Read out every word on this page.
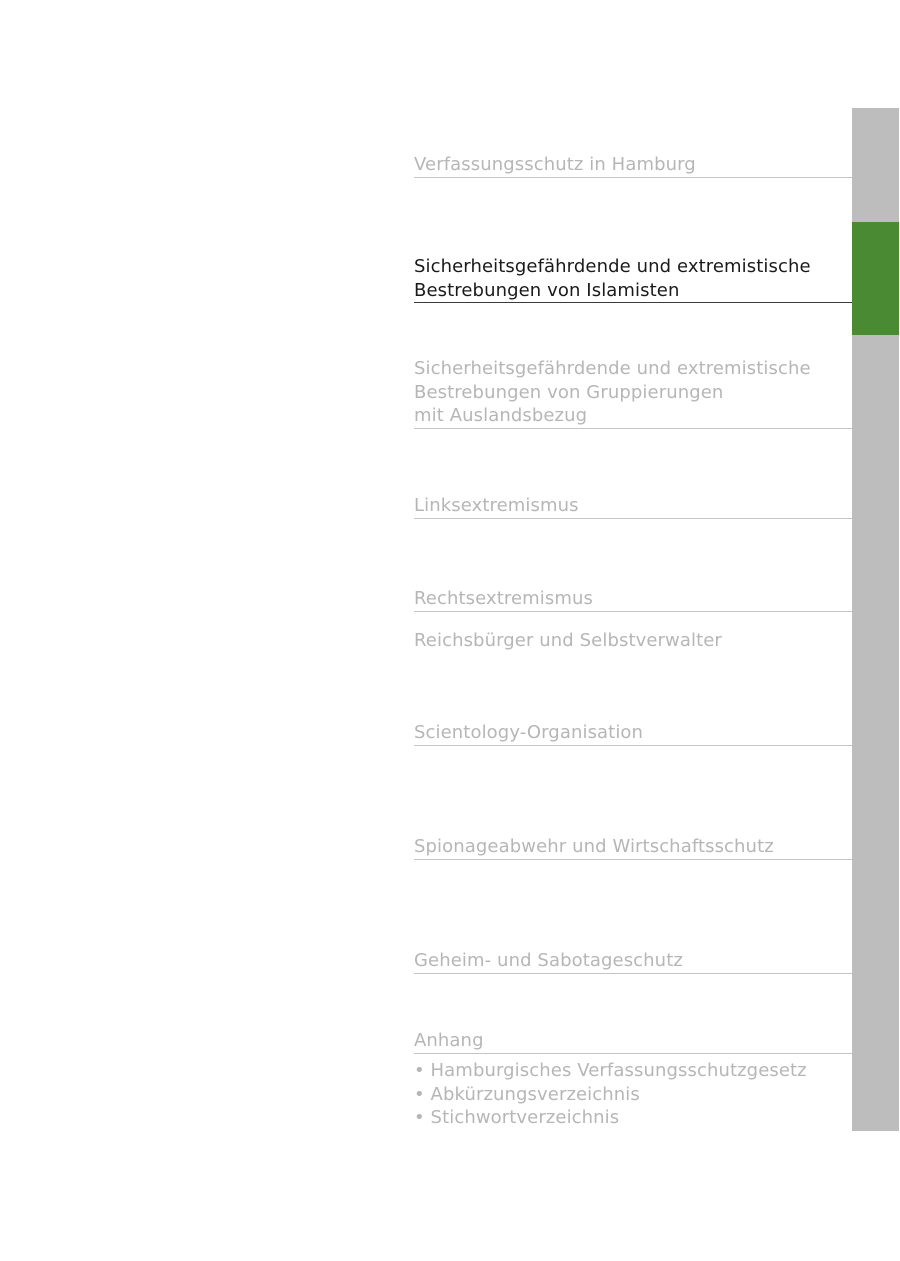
Verfassungsschutz in Hamburg
Sicherheitsgefährdende und extremistische
Bestrebungen von Islamisten
Sicherheitsgefährdende und extremistische
Bestrebungen von Gruppierungen
mit Auslandsbezug
Linksextremismus
Rechtsextremismus
Reichsbürger und Selbstverwalter
Scientology-Organisation
Spionageabwehr und Wirtschaftsschutz
Geheim- und Sabotageschutz
Anhang
• Hamburgisches Verfassungsschutzgesetz
• Abkürzungsverzeichnis
• Stichwortverzeichnis
